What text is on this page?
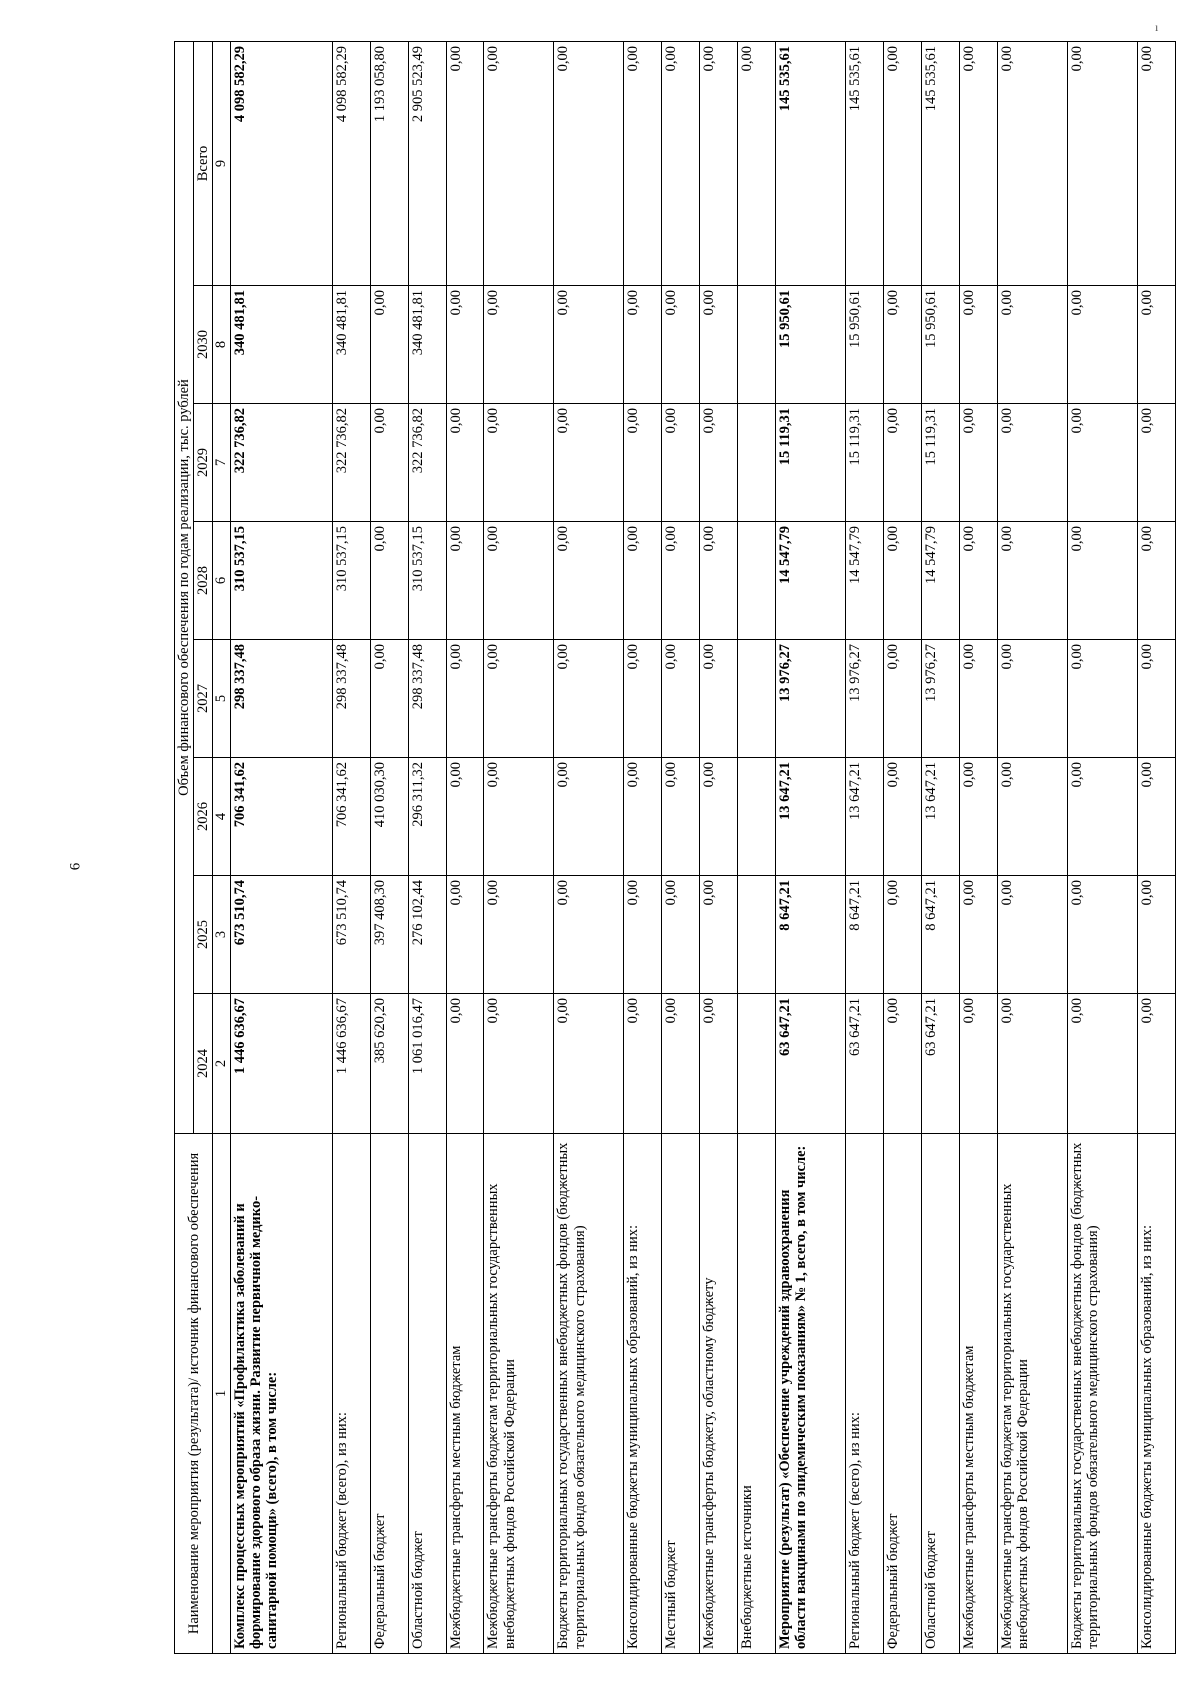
6
ı
Наименование мероприятия (результата)/ источник финансового обеспечения	Объем финансового обеспечения по годам реализации, тыс. рублей							
	2024	2025	2026	2027	2028	2029	2030	Всего
1	2	3	4	5	6	7	8	9
Комплекс процессных мероприятий «Профилактика заболеваний и формирование здорового образа жизни. Развитие первичной медико-санитарной помощи» (всего), в том числе:	1 446 636,67	673 510,74	706 341,62	298 337,48	310 537,15	322 736,82	340 481,81	4 098 582,29
Региональный бюджет (всего), из них:	1 446 636,67	673 510,74	706 341,62	298 337,48	310 537,15	322 736,82	340 481,81	4 098 582,29
Федеральный бюджет	385 620,20	397 408,30	410 030,30	0,00	0,00	0,00	0,00	1 193 058,80
Областной бюджет	1 061 016,47	276 102,44	296 311,32	298 337,48	310 537,15	322 736,82	340 481,81	2 905 523,49
Межбюджетные трансферты местным бюджетам	0,00	0,00	0,00	0,00	0,00	0,00	0,00	0,00
Межбюджетные трансферты бюджетам территориальных государственных внебюджетных фондов Российской Федерации	0,00	0,00	0,00	0,00	0,00	0,00	0,00	0,00
Бюджеты территориальных государственных внебюджетных фондов (бюджетных территориальных фондов обязательного медицинского страхования)	0,00	0,00	0,00	0,00	0,00	0,00	0,00	0,00
Консолидированные бюджеты муниципальных образований, из них:	0,00	0,00	0,00	0,00	0,00	0,00	0,00	0,00
Местный бюджет	0,00	0,00	0,00	0,00	0,00	0,00	0,00	0,00
Межбюджетные трансферты бюджету, областному бюджету	0,00	0,00	0,00	0,00	0,00	0,00	0,00	0,00
Внебюджетные источники								0,00
Мероприятие (результат) «Обеспечение учреждений здравоохранения области вакцинами по эпидемическим показаниям» № 1, всего, в том числе:	63 647,21	8 647,21	13 647,21	13 976,27	14 547,79	15 119,31	15 950,61	145 535,61
Региональный бюджет (всего), из них:	63 647,21	8 647,21	13 647,21	13 976,27	14 547,79	15 119,31	15 950,61	145 535,61
Федеральный бюджет	0,00	0,00	0,00	0,00	0,00	0,00	0,00	0,00
Областной бюджет	63 647,21	8 647,21	13 647,21	13 976,27	14 547,79	15 119,31	15 950,61	145 535,61
Межбюджетные трансферты местным бюджетам	0,00	0,00	0,00	0,00	0,00	0,00	0,00	0,00
Межбюджетные трансферты бюджетам территориальных государственных внебюджетных фондов Российской Федерации	0,00	0,00	0,00	0,00	0,00	0,00	0,00	0,00
Бюджеты территориальных государственных внебюджетных фондов (бюджетных территориальных фондов обязательного медицинского страхования)	0,00	0,00	0,00	0,00	0,00	0,00	0,00	0,00
Консолидированные бюджеты муниципальных образований, из них:	0,00	0,00	0,00	0,00	0,00	0,00	0,00	0,00
